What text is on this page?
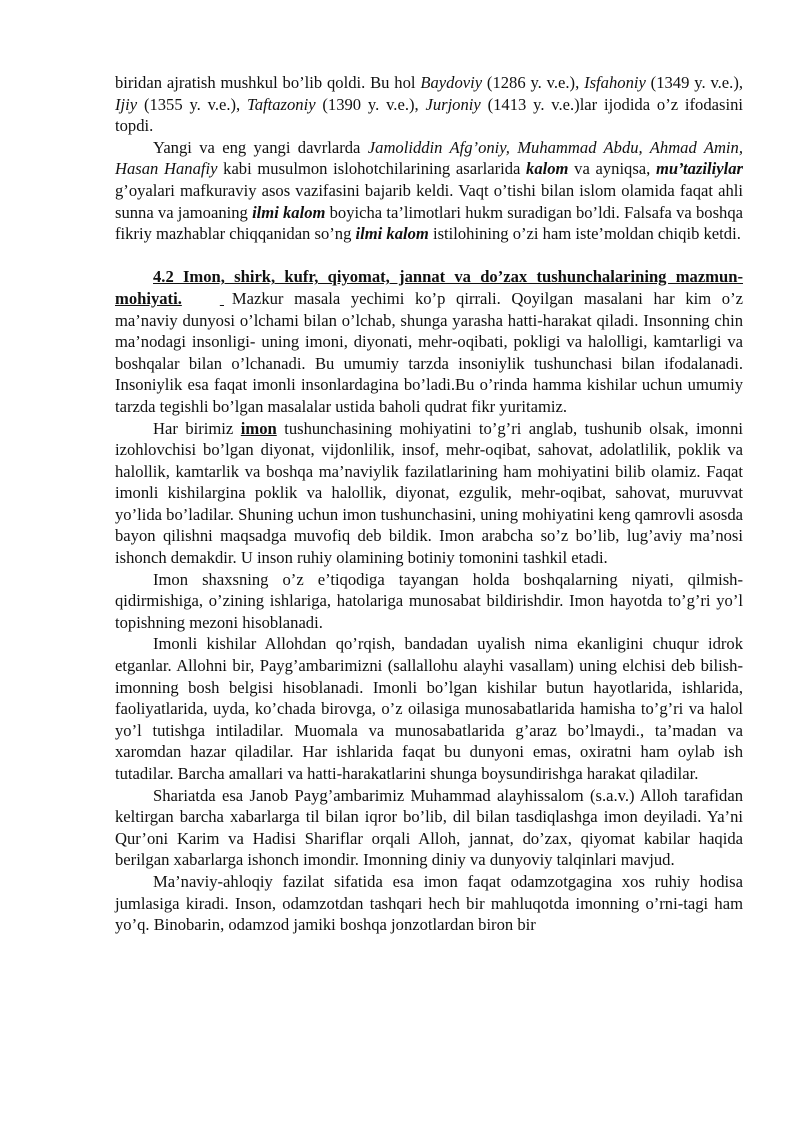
biridan ajratish mushkul bo’lib qoldi. Bu hol Baydoviy (1286 y. v.e.), Isfahoniy (1349 y. v.e.), Ijiy (1355 y. v.e.), Taftazoniy (1390 y. v.e.), Jurjoniy (1413 y. v.e.)lar ijodida o’z ifodasini topdi.

Yangi va eng yangi davrlarda Jamoliddin Afg’oniy, Muhammad Abdu, Ahmad Amin, Hasan Hanafiy kabi musulmon islohotchilarining asarlarida kalom va ayniqsa, mu’taziliylar g’oyalari mafkuraviy asos vazifasini bajarib keldi. Vaqt o’tishi bilan islom olamida faqat ahli sunna va jamoaning ilmi kalom boyicha ta’limotlari hukm suradigan bo’ldi. Falsafa va boshqa fikriy mazhablar chiqqanidan so’ng ilmi kalom istilohining o’zi ham iste’moldan chiqib ketdi.

4.2 Imon, shirk, kufr, qiyomat, jannat va do’zax tushunchalarining mazmun-mohiyati.	Mazkur masala yechimi ko’p qirrali. Qoyilgan masalani har kim o’z ma’naviy dunyosi o’lchami bilan o’lchab, shunga yarasha hatti-harakat qiladi. Insonning chin ma’nodagi insonligi- uning imoni, diyonati, mehr-oqibati, pokligi va halolligi, kamtarligi va boshqalar bilan o’lchanadi. Bu umumiy tarzda insoniylik tushunchasi bilan ifodalanadi. Insoniylik esa faqat imonli insonlardagina bo’ladi.Bu o’rinda hamma kishilar uchun umumiy tarzda tegishli bo’lgan masalalar ustida baholi qudrat fikr yuritamiz.

Har birimiz imon tushunchasining mohiyatini to’g’ri anglab, tushunib olsak, imonni izohlovchisi bo’lgan diyonat, vijdonlilik, insof, mehr-oqibat, sahovat, adolatlilik, poklik va halollik, kamtarlik va boshqa ma’naviylik fazilatlarining ham mohiyatini bilib olamiz. Faqat imonli kishilargina poklik va halollik, diyonat, ezgulik, mehr-oqibat, sahovat, muruvvat yo’lida bo’ladilar. Shuning uchun imon tushunchasini, uning mohiyatini keng qamrovli asosda bayon qilishni maqsadga muvofiq deb bildik. Imon arabcha so’z bo’lib, lug’aviy ma’nosi ishonch demakdir. U inson ruhiy olamining botiniy tomonini tashkil etadi.

Imon shaxsning o’z e’tiqodiga tayangan holda boshqalarning niyati, qilmish-qidirmishiga, o’zining ishlariga, hatolariga munosabat bildirishdir. Imon hayotda to’g’ri yo’l topishning mezoni hisoblanadi.

Imonli kishilar Allohdan qo’rqish, bandadan uyalish nima ekanligini chuqur idrok etganlar. Allohni bir, Payg’ambarimizni (sallallohu alayhi vasallam) uning elchisi deb bilish-imonning bosh belgisi hisoblanadi. Imonli bo’lgan kishilar butun hayotlarida, ishlarida, faoliyatlarida, uyda, ko’chada birovga, o’z oilasiga munosabatlarida hamisha to’g’ri va halol yo’l tutishga intiladilar. Muomala va munosabatlarida g’araz bo’lmaydi., ta’madan va xaromdan hazar qiladilar. Har ishlarida faqat bu dunyoni emas, oxiratni ham oylab ish tutadilar. Barcha amallari va hatti-harakatlarini shunga boysundirishga harakat qiladilar.

Shariatda esa Janob Payg’ambarimiz Muhammad alayhissalom (s.a.v.) Alloh tarafidan keltirgan barcha xabarlarga til bilan iqror bo’lib, dil bilan tasdiqlashga imon deyiladi. Ya’ni Qur’oni Karim va Hadisi Shariflar orqali Alloh, jannat, do’zax, qiyomat kabilar haqida berilgan xabarlarga ishonch imondir. Imonning diniy va dunyoviy talqinlari mavjud.

Ma’naviy-ahloqiy fazilat sifatida esa imon faqat odamzotgagina xos ruhiy hodisa jumlasiga kiradi. Inson, odamzotdan tashqari hech bir mahluqotda imonning o’rni-tagi ham yo’q. Binobarin, odamzod jamiki boshqa jonzotlardan biron bir
